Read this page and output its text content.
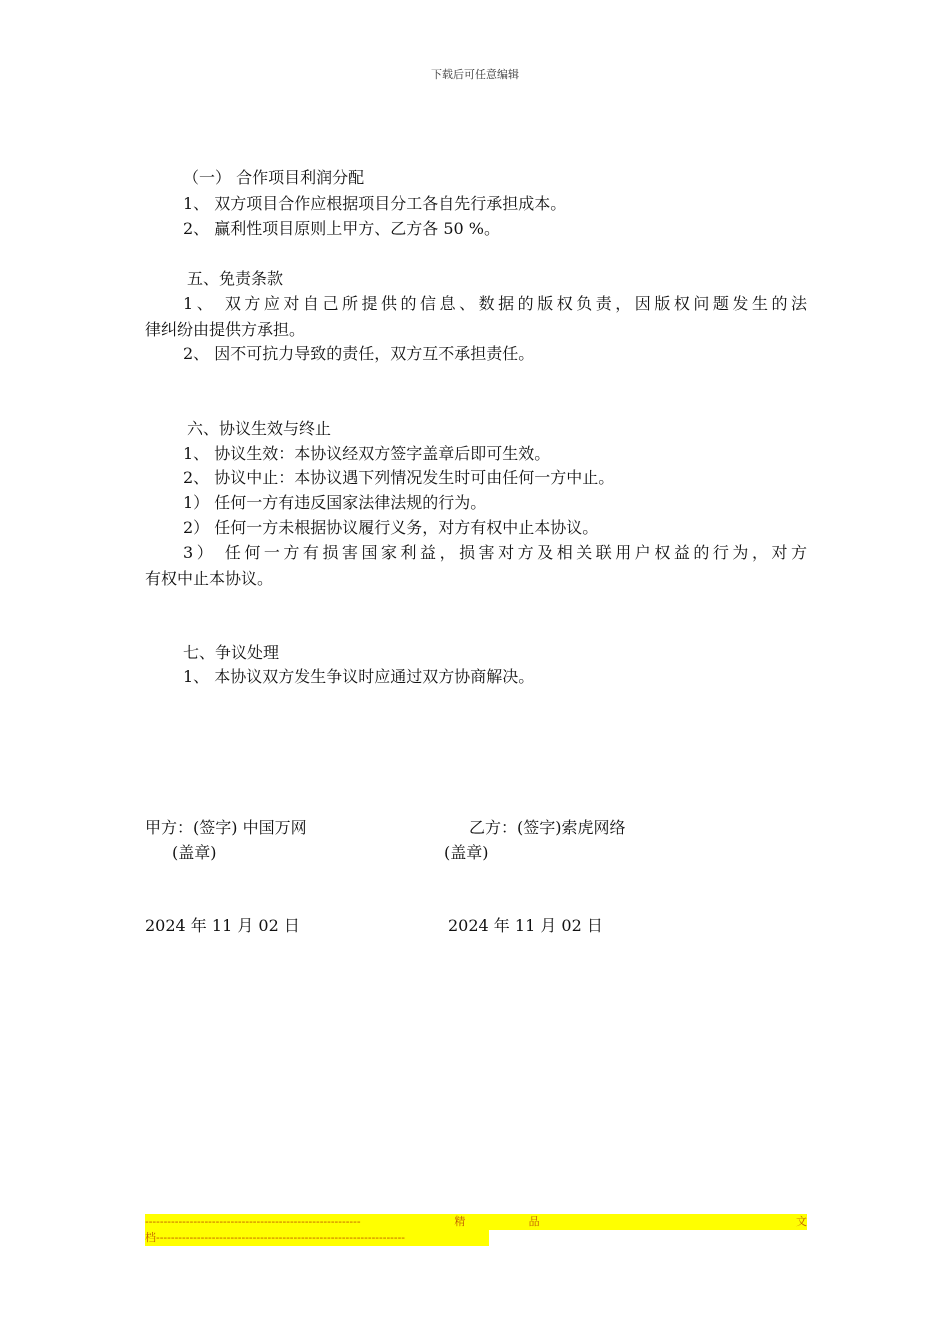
下载后可任意编辑
（一） 合作项目利润分配
1、 双方项目合作应根据项目分工各自先行承担成本。
2、 赢利性项目原则上甲方、乙方各 50 %。
五、免责条款
1、 双方应对自己所提供的信息、数据的版权负责，因版权问题发生的法
律纠纷由提供方承担。
2、 因不可抗力导致的责任，双方互不承担责任。
六、协议生效与终止
1、 协议生效：本协议经双方签字盖章后即可生效。
2、 协议中止：本协议遇下列情况发生时可由任何一方中止。
1） 任何一方有违反国家法律法规的行为。
2） 任何一方未根据协议履行义务，对方有权中止本协议。
3） 任何一方有损害国家利益，损害对方及相关联用户权益的行为，对方
有权中止本协议。
七、争议处理
1、 本协议双方发生争议时应通过双方协商解决。
甲方：(签字) 中国万网	乙方：(签字)索虎网络
(盖章)	(盖章)
2024 年 11 月 02 日	2024 年 11 月 02 日
----------------------------------------------------------	精	品	文
档-------------------------------------------------------------------
